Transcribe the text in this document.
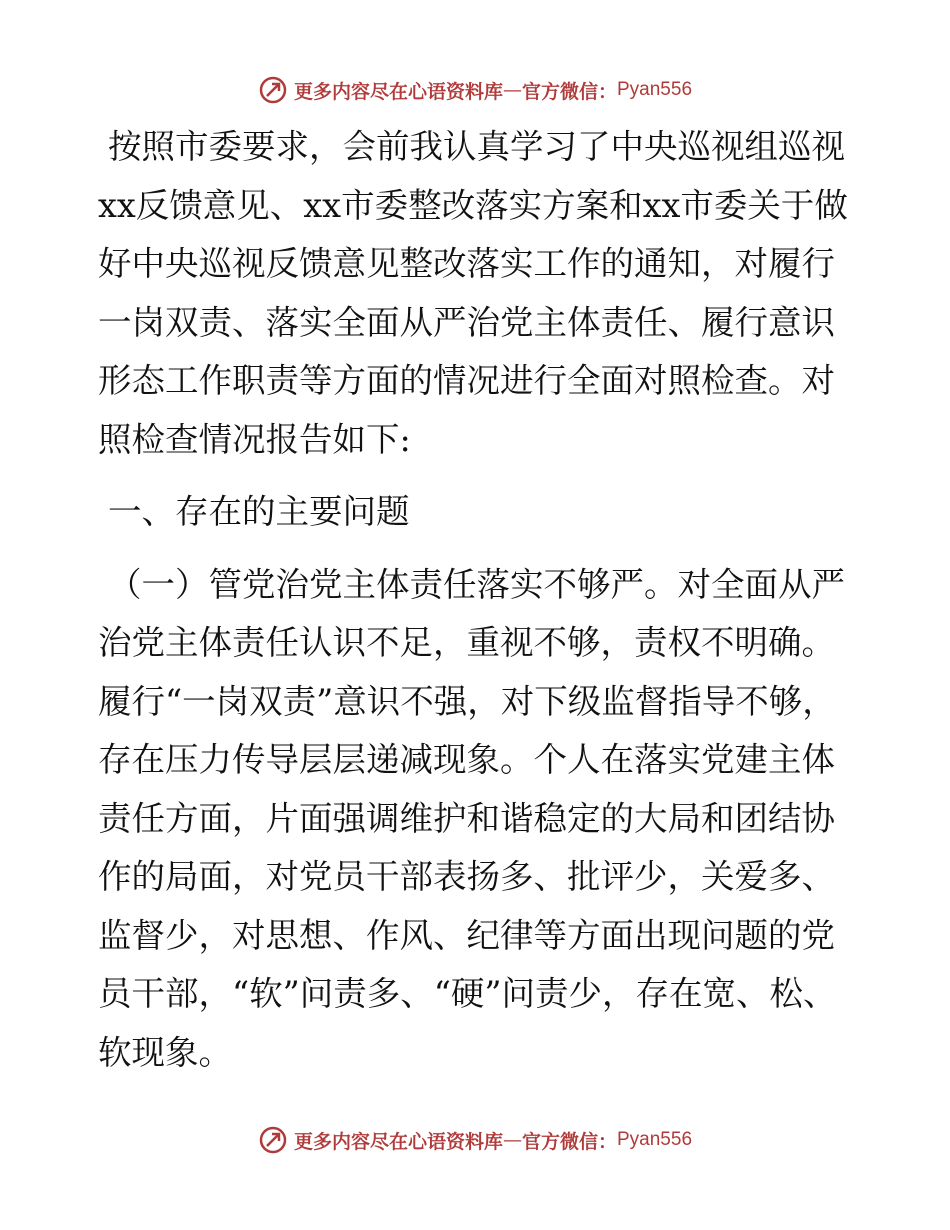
更多内容尽在心语资料库 — 官方微信： Pyan556

按照市委要求，会前我认真学习了中央巡视组巡视xx反馈意见、xx市委整改落实方案和xx市委关于做好中央巡视反馈意见整改落实工作的通知，对履行一岗双责、落实全面从严治党主体责任、履行意识形态工作职责等方面的情况进行全面对照检查。对照检查情况报告如下:

一、存在的主要问题

（一）管党治党主体责任落实不够严。对全面从严治党主体责任认识不足，重视不够，责权不明确。履行“一岗双责”意识不强，对下级监督指导不够，存在压力传导层层递减现象。个人在落实党建主体责任方面，片面强调维护和谐稳定的大局和团结协作的局面，对党员干部表扬多、批评少，关爱多、监督少，对思想、作风、纪律等方面出现问题的党员干部，“软”问责多、“硬”问责少，存在宽、松、软现象。

更多内容尽在心语资料库 — 官方微信： Pyan556
